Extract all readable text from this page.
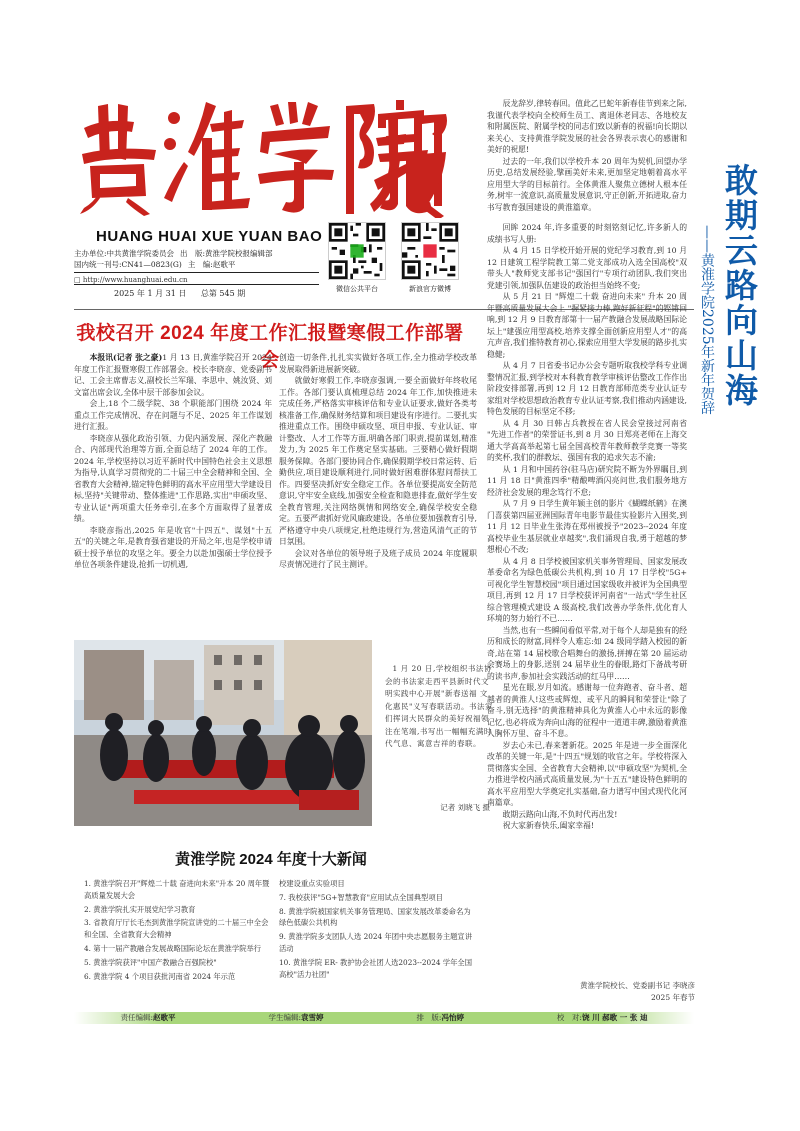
HUANG HUAI XUE YUAN BAO
主办单位:中共黄淮学院委员会 出　版:黄淮学院校报编辑部
国内统一刊号:CN41—0823(G) 主　编:赵歌平
□ http://www.huanghuai.edu.cn
2025 年 1 月 31 日 总第 545 期	微信公共平台	新浪官方微博	敢期云路向山海
——黄淮学院2025年新年贺辞
我校召开 2024 年度工作汇报暨寒假工作部署会

本报讯(记者 张之豪)1 月 13 日,黄淮学院召开 2024 年度工作汇报暨寒假工作部署会。校长李晓彦、党委副书记、工会主席曹志义,副校长兰军瑞、李思中、姚汝贤、刘文富出席会议,全体中层干部参加会议。

会上,18 个二级学院、38 个职能部门围绕 2024 年重点工作完成情况、存在问题与不足、2025 年工作谋划进行汇报。

李晓彦从强化政治引领、力促内涵发展、深化产教融合、内部现代治理等方面,全面总结了 2024 年的工作。2024 年,学校坚持以习近平新时代中国特色社会主义思想为指导,认真学习贯彻党的二十届三中全会精神和全国、全省教育大会精神,锚定特色鲜明的高水平应用型大学建设目标,坚持"关键带动、整体推进"工作思路,实出"申硕攻坚、专业认证"两项重大任务牵引,在多个方面取得了显著成绩。

李晓彦指出,2025 年是收官"十四五"、谋划"十五五"的关键之年,是教育强省建设的开局之年,也是学校申请硕士授予单位的攻坚之年。要全力以赴加强硕士学位授予单位各项条件建设,抢抓一切机遇,

创造一切条件,扎扎实实做好各项工作,全力推动学校改革发展取得新进展新突破。

就做好寒假工作,李晓彦强调,一要全面做好年终收尾工作。各部门要认真梳理总结 2024 年工作,加快推进未完成任务,严格落实审核评估和专业认证要求,做好各类考核准备工作,确保财务结算和项目建设有序进行。二要扎实推进重点工作。围绕申硕攻坚、项目申报、专业认证、审计整改、人才工作等方面,明确各部门职责,提前谋划,精准发力,为 2025 年工作奠定坚实基础。三要精心做好假期服务保障。各部门要协同合作,确保假期学校日常运转、后勤供应,项目建设顺利进行,同时做好困难群体慰问帮扶工作。四要坚决抓好安全稳定工作。各单位要提高安全防范意识,守牢安全底线,加强安全检查和隐患排查,做好学生安全教育管理,关注网络舆情和网络安全,确保学校安全稳定。五要严肃抓好党风廉政建设。各单位要加强教育引导,严格遵守中央八项规定,杜绝违规行为,营造风清气正的节日氛围。

会议对各单位的领导班子及班子成员 2024 年度履职尽责情况进行了民主测评。

1 月 20 日,学校组织书法协会的书法家走西平县新时代文明实践中心开展"新春送福 文化惠民"义写春联活动。书法家们挥词大民群众的美好祝福领注在笔端,书写出一幅幅充满时代气息、寓意吉祥的春联。
记者 刘晓飞 摄
黄淮学院 2024 年度十大新闻
1. 黄淮学院召开"辉煌二十载 奋进向未来"升本 20 周年暨高质量发展大会
2. 黄淮学院扎实开展党纪学习教育
3. 省教育厅厅长毛杰到黄淮学院宣讲党的二十届三中全会和全国、全省教育大会精神
4. 第十一届产教融合发展战略国际论坛在黄淮学院举行
5. 黄淮学院获评"中国产教融合百强院校"
6. 黄淮学院 4 个项目获批河南省 2024 年示范
校建设重点实验项目
7. 我校获评"5G+智慧教育"应用试点全国典型项目
8. 黄淮学院被国家机关事务管理局、国家发展改革委命名为绿色低碳公共机构
9. 黄淮学院多支团队人选 2024 年团中央志愿服务主题宣讲活动
10. 黄淮学院 ER- 教护协会社团人选2023--2024 学年全国高校"活力社团"

辰龙辞岁,律转春回。值此乙巳蛇年新春佳节到来之际,我谨代表学校向全校师生员工、离退休老同志、各地校友和附属医院、附属学校的同志们致以新春的祝福!向长期以来关心、支持黄淮学院发展的社会各界表示衷心的感谢和美好的祝愿!

过去的一年,我们以学校升本 20 周年为契机,回望办学历史,总结发展经验,擘画美好未来,更加坚定地朝着高水平应用型大学的目标前行。全体黄淮人聚焦立德树人根本任务,树牢一流意识,高质量发展意识,守正创新,开拓进取,奋力书写教育强国建设的黄淮篇章。

回眸 2024 年,许多重要的时刻铭刻记忆,许多新人的成绩书写人册:

从 4 月 15 日学校开始开展的党纪学习教育,到 10 月 12 日建筑工程学院教工第二党支部成功入选全国高校"双带头人"教师党支部书记"强国行"专项行动团队,我们突出党建引领,加强队伍建设的政治担当始终不变;

从 5 月 21 日 "辉煌二十载 奋进向未来" 升本 20 周年暨高质量发展大会上 "握紧接力棒,跑好新征程"的铿锵回响,到 12 月 9 日教育部第十一届产教融合发展战略国际论坛上"建强应用型高校,培养支撑全面创新应用型人才"的高亢声音,我们推特教育初心,探索应用型大学发展的路步扎实稳健;

从 4 月 7 日省委书记办公会专题听取我校学科专业调整情况汇报,到学校对本科教育教学审核评估整改工作作出阶段安排部署,再到 12 月 12 日教育部师范类专业认证专家组对学校思想政治教育专业认证考察,我们推动内涵建设,特色发展的目标坚定不移;

从 4 月 30 日韩占兵教授在省人民会堂接过河南省 "先进工作者"的荣誉证书,到 8 月 30 日郑亮老师在上海交通大学高高举起第七届全国高校青年教师教学竞赛一等奖的奖杯,我们的群教坛、强国有我的追求矢志不渝;

从 1 月和中国药谷(驻马店)研究院不断为外界瞩目,到 11 月 18 日"黄淮四季"精酿啤酒闪亮问世,我们服务地方经济社会发展的理念笃行不怠;

从 7 月 9 日学生黄年颖主创的影片《蝴蝶纸鹤》在澳门喜获第四届亚洲国际青年电影节最佳实验影片入围奖,到 11 月 12 日毕业生张涛在郑州被授予"2023--2024 年度高校毕业生基层就业卓越奖",我们涌现自我,勇于超越的梦想根心不改;

从 4 月 8 日学校被国家机关事务管理局、国家发展改革委命名为绿色低碳公共机构,到 10 月 17 日学校"5G+ 可视化学生智慧校园"项目通过国家级收并被评为全国典型项目,再到 12 月 17 日学校获评河南省"一站式"学生社区综合管理模式建设 A 级高校,我们改善办学条件,优化育人环境的努力始行不已……

当然,也有一些瞬间看似平常,对于每个人却是独有的经历和成长的财富,同样令人难忘:如 24 级同学踏入校园的新奇,站在第 14 届校歌合唱舞台的激扬,拼搏在第 20 届运动会赛场上的身影,送别 24 届毕业生的眷眼,路灯下备战考研的读书声,参加社会实践活动的红马甲……

星光在眼,岁月如流。感谢每一位奔跑者、奋斗者、超越者的黄淮人!这些或辉煌、或平凡的瞬间和荣誉让"除了奋斗,别无选择"的黄淮精神具化为黄淮人心中永远的影像记忆,也必将成为奔向山海的征程中一道道丰碑,激励着黄淮人胸怀万里、奋斗不息。

岁去心未已,春来著新花。2025 年是进一步全面深化改革的关键一年,是"十四五"规划的收官之年。学校将深入贯彻落实全国、全省教育大会精神,以"申硕攻坚"为契机,全力推进学校内涵式高质量发展,为"十五五"建设特色鲜明的高水平应用型大学奠定扎实基础,奋力谱写中国式现代化河南篇章。

敢期云路向山海,不负时代再出发!

祝大家新春快乐,阖家幸福!

黄淮学院校长、党委副书记 李晓彦
2025 年春节
责任编辑:赵歌平	学生编辑:袁雪婷	排　版:冯怡婷	校　对:饶 川 郝歌 一 张 迪
